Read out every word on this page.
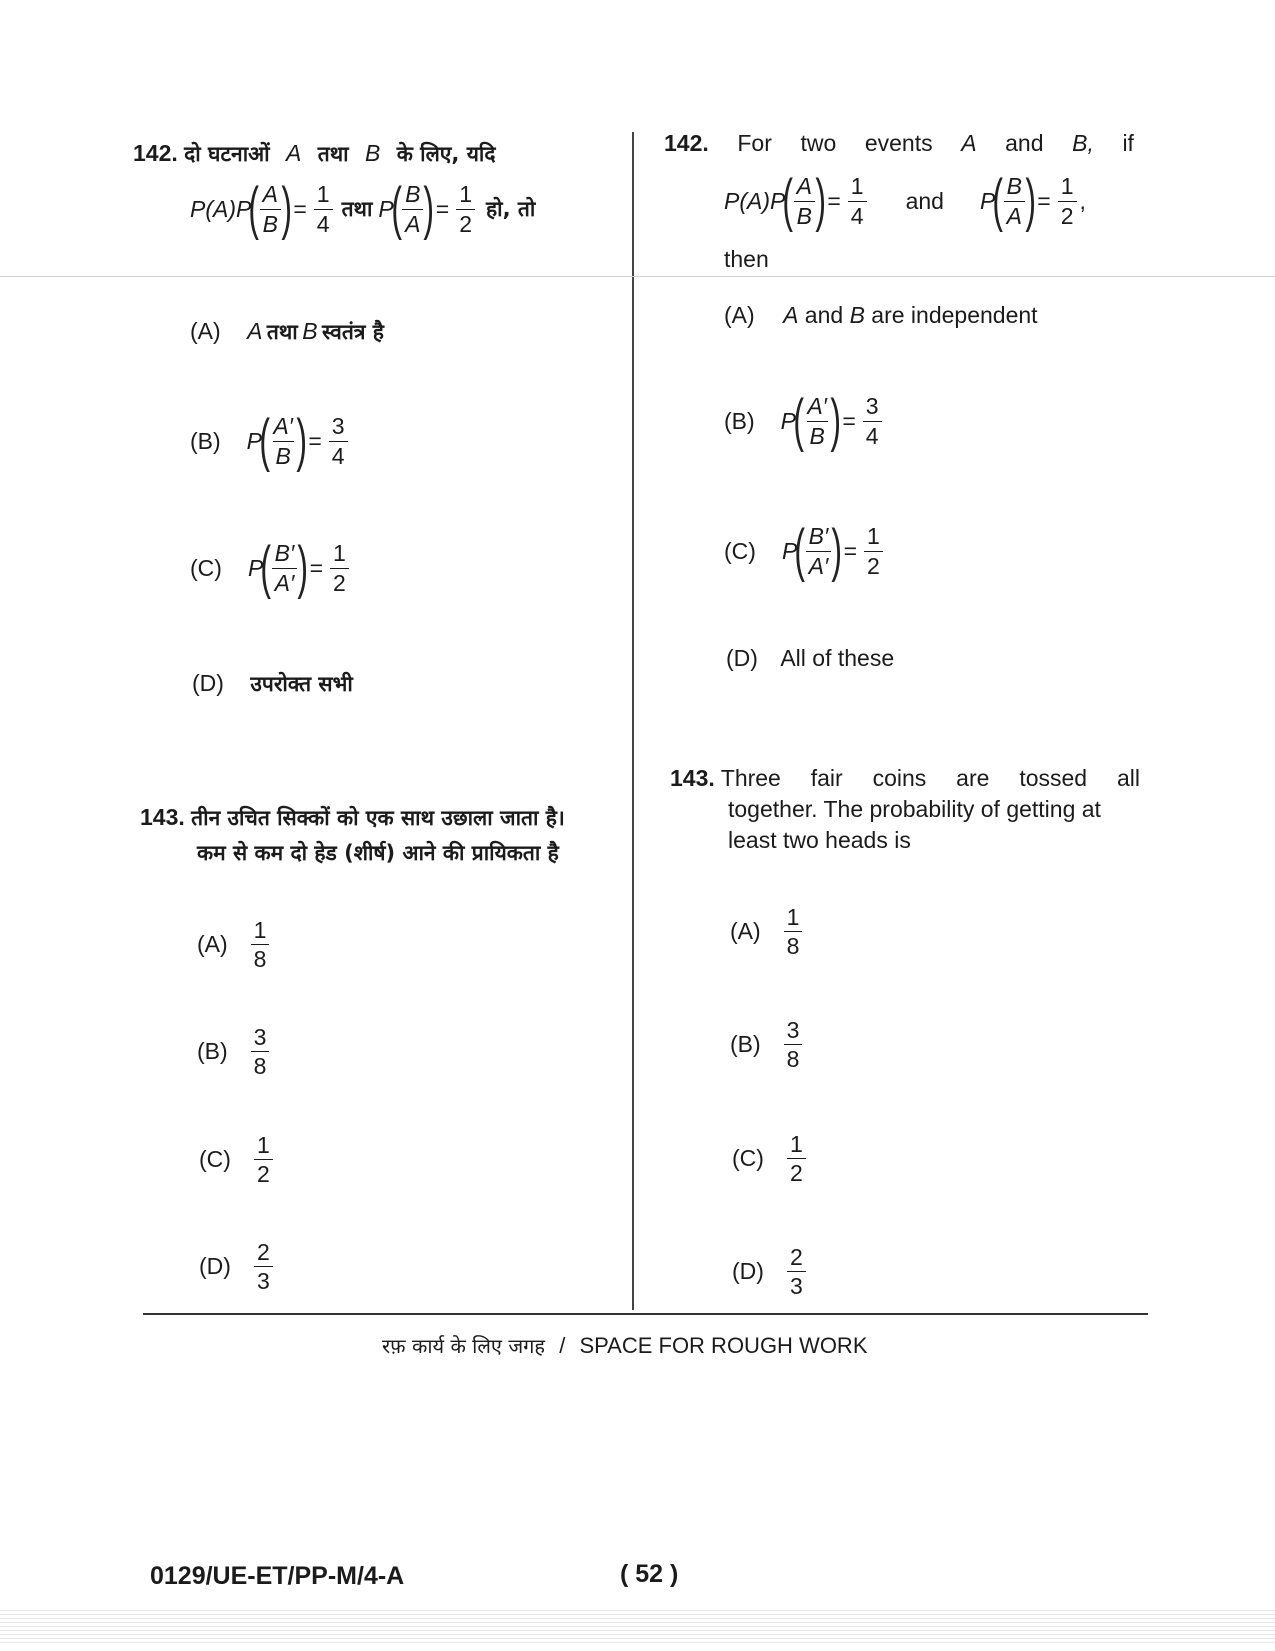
142. दो घटनाओं A तथा B के लिए, यदि
P(A)P
( $\frac{A}{B}$ ) = $\frac{1}{4}$ तथा P
( $\frac{B}{A}$ ) = $\frac{1}{2}$ हो, तो
(A) A तथा B स्वतंत्र है
(B) P
( $\frac{A'}{B}$ ) = $\frac{3}{4}$
(C) P
( $\frac{B'}{A'}$ ) = $\frac{1}{2}$
(D) उपरोक्त सभी
143. तीन उचित सिक्कों को एक साथ उछाला जाता है।
कम से कम दो हेड (शीर्ष) आने की प्रायिकता है
$(A) \frac{1}{8}$
$(B) \frac{3}{8}$
$(C) \frac{1}{2}$
$(D) \frac{2}{3}$
142. For two events A and B, if
P(A)P
( $\frac{A}{B}$ ) = $\frac{1}{4}$ and P
( $\frac{B}{A}$ ) = $\frac{1}{2}$ ,
then
(A) A and B are independent
(B) P
( $\frac{A'}{B}$ ) = $\frac{3}{4}$
(C) P
( $\frac{B'}{A'}$ ) = $\frac{1}{2}$
(D) All of these
143. Three fair coins are tossed all
together. The probability of getting at
least two heads is
$(A) \frac{1}{8}$
$(B) \frac{3}{8}$
$(C) \frac{1}{2}$
$(D) \frac{2}{3}$
रफ़ कार्य के लिए जगह / SPACE FOR ROUGH WORK
0129/UE-ET/PP-M/4-A	( 52 )
